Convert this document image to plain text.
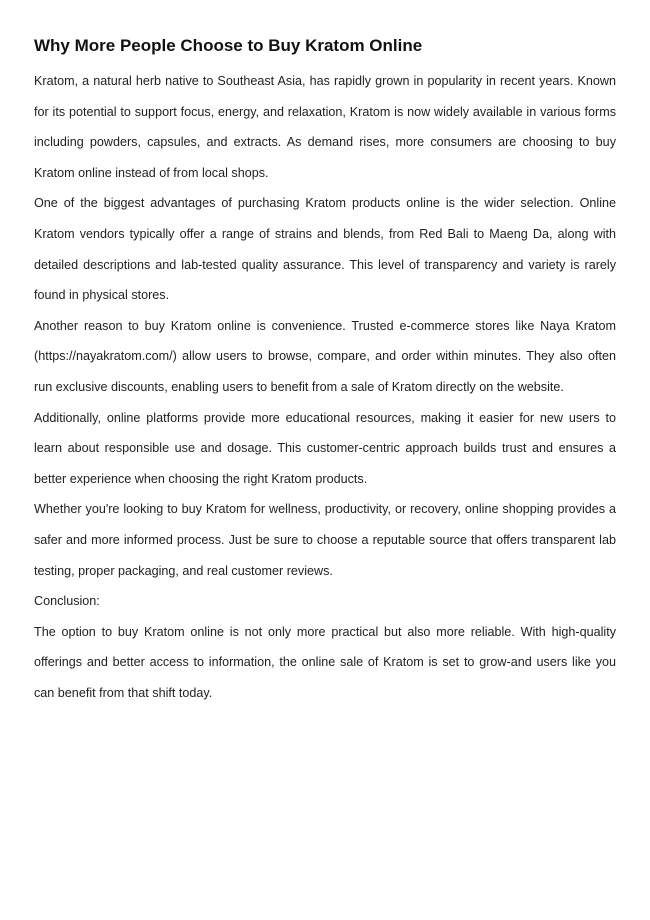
Why More People Choose to Buy Kratom Online

Kratom, a natural herb native to Southeast Asia, has rapidly grown in popularity in recent years. Known for its potential to support focus, energy, and relaxation, Kratom is now widely available in various forms including powders, capsules, and extracts. As demand rises, more consumers are choosing to buy Kratom online instead of from local shops.

One of the biggest advantages of purchasing Kratom products online is the wider selection. Online Kratom vendors typically offer a range of strains and blends, from Red Bali to Maeng Da, along with detailed descriptions and lab-tested quality assurance. This level of transparency and variety is rarely found in physical stores.

Another reason to buy Kratom online is convenience. Trusted e-commerce stores like Naya Kratom (https://nayakratom.com/) allow users to browse, compare, and order within minutes. They also often run exclusive discounts, enabling users to benefit from a sale of Kratom directly on the website.

Additionally, online platforms provide more educational resources, making it easier for new users to learn about responsible use and dosage. This customer-centric approach builds trust and ensures a better experience when choosing the right Kratom products.

Whether you're looking to buy Kratom for wellness, productivity, or recovery, online shopping provides a safer and more informed process. Just be sure to choose a reputable source that offers transparent lab testing, proper packaging, and real customer reviews.

Conclusion:

The option to buy Kratom online is not only more practical but also more reliable. With high-quality offerings and better access to information, the online sale of Kratom is set to grow-and users like you can benefit from that shift today.
